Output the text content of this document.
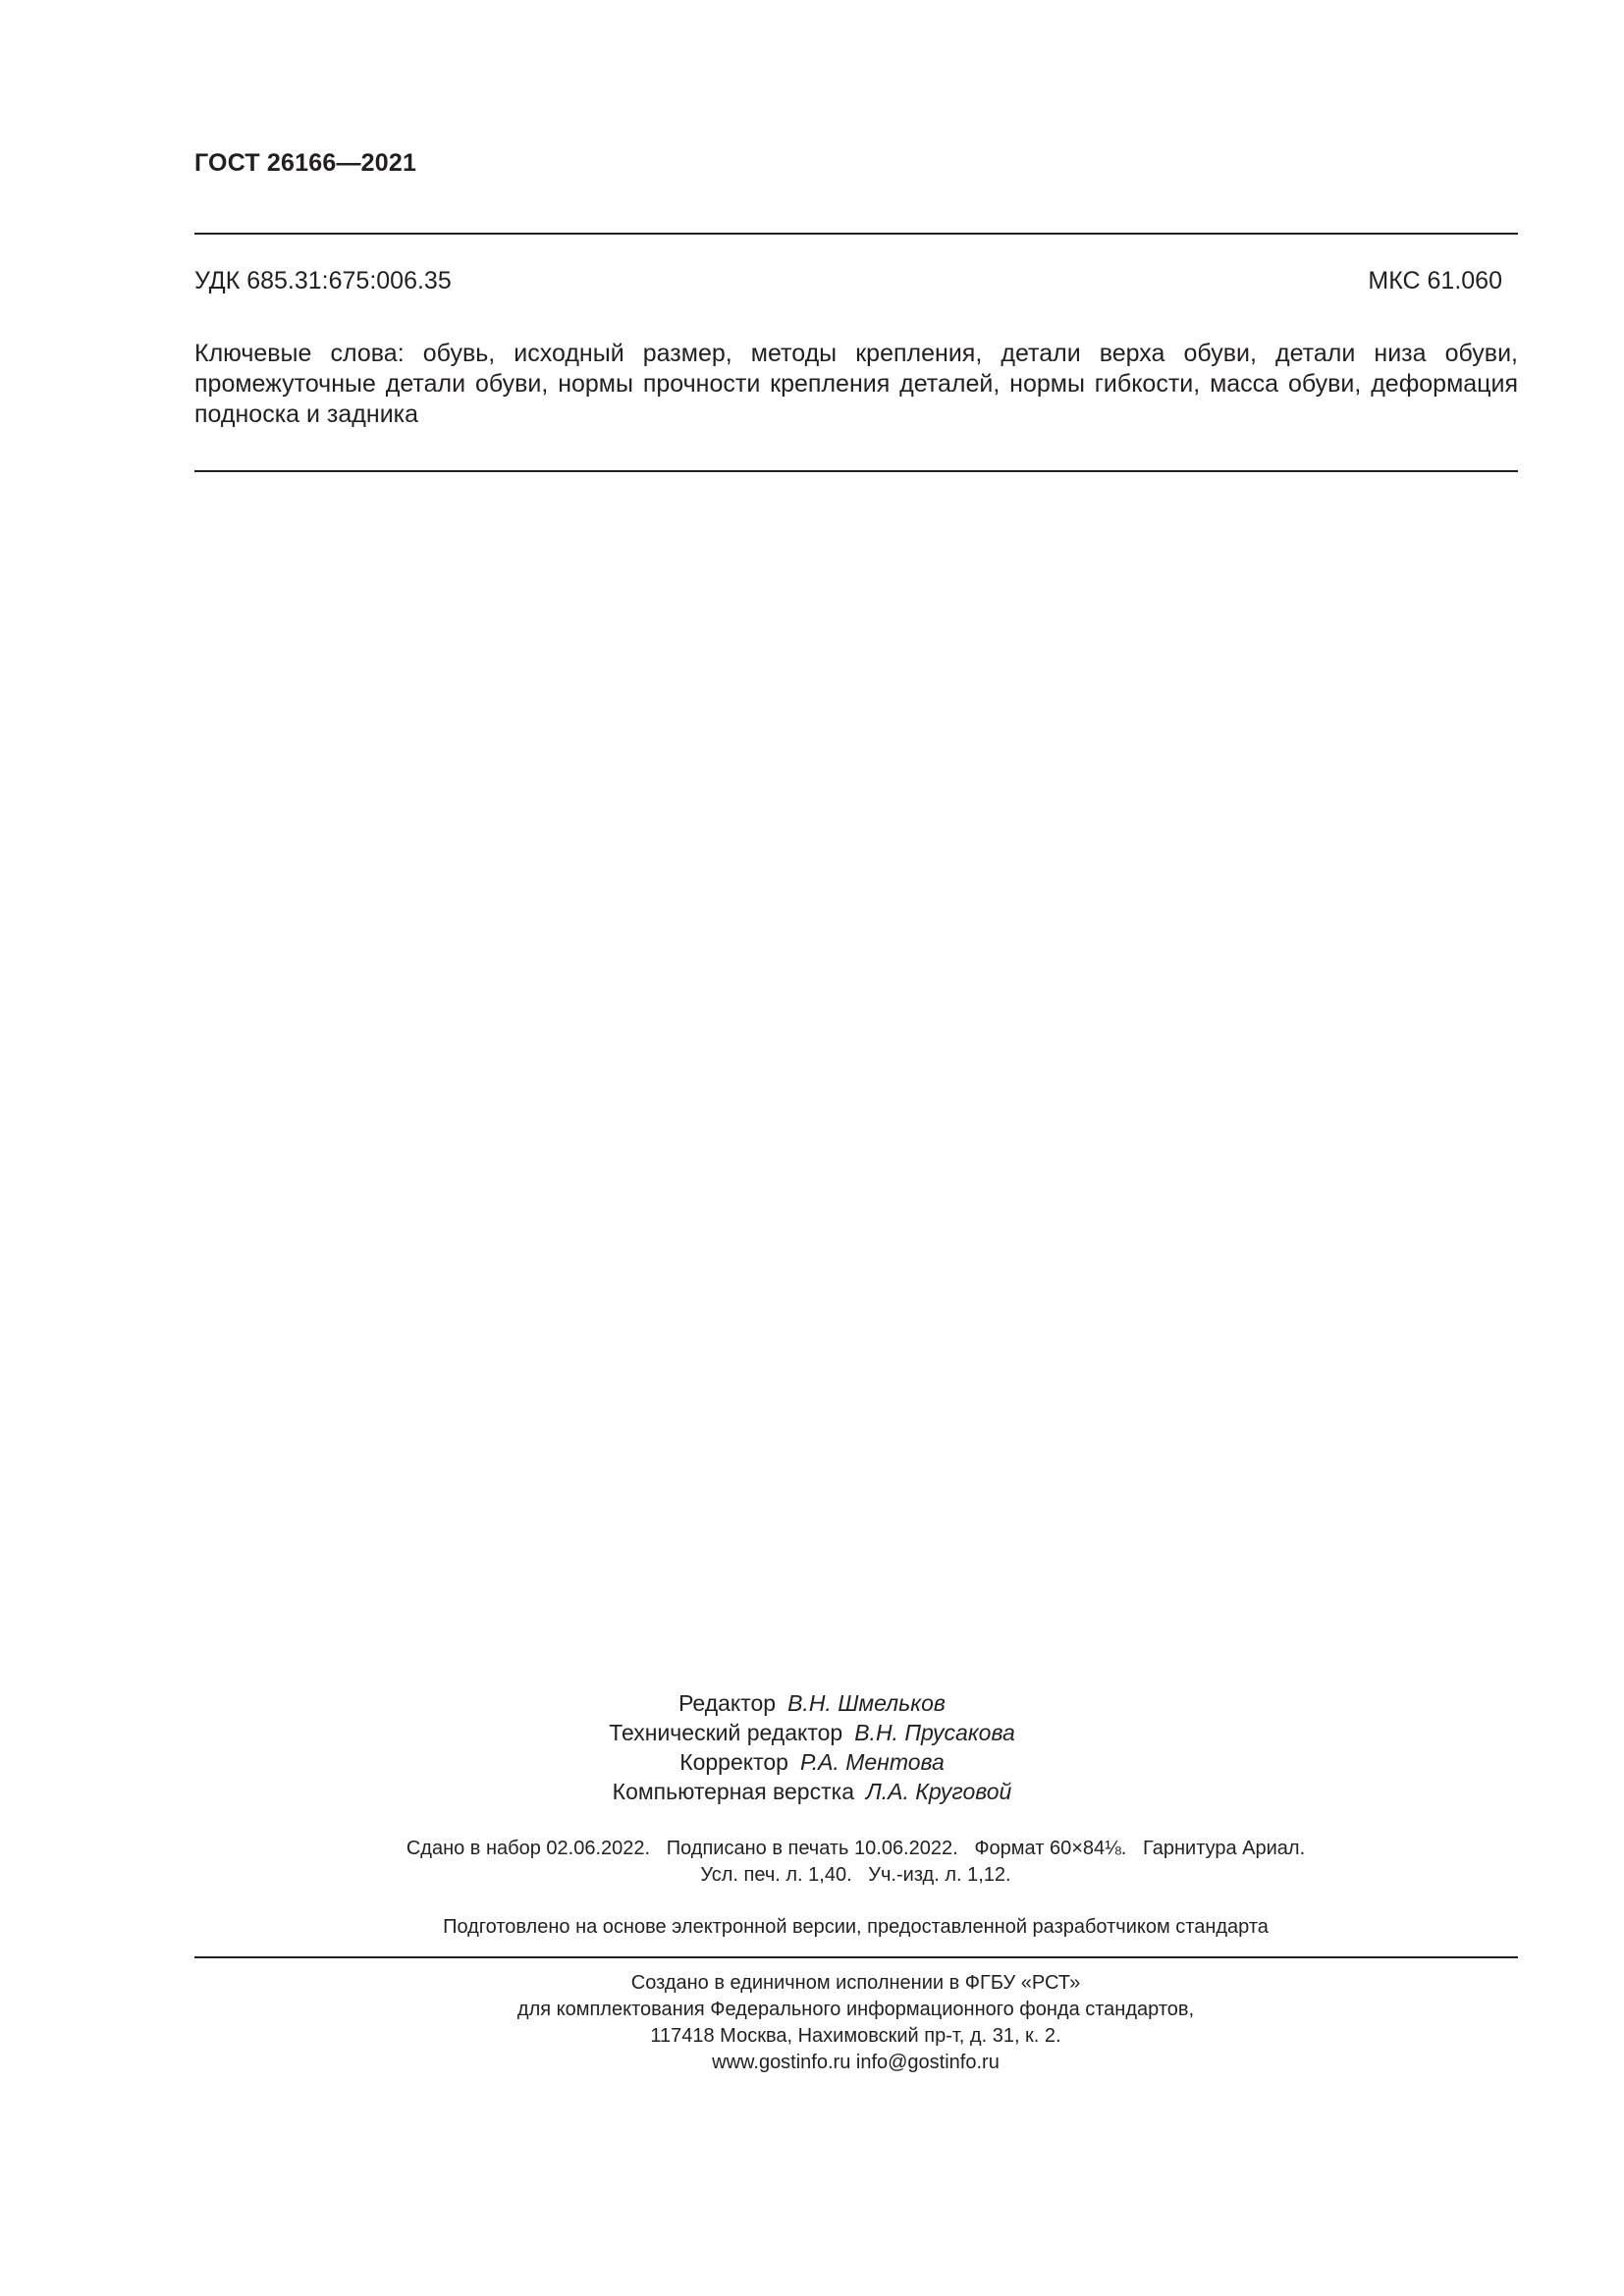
ГОСТ 26166—2021
УДК 685.31:675:006.35	МКС 61.060
Ключевые слова: обувь, исходный размер, методы крепления, детали верха обуви, детали низа обуви, промежуточные детали обуви, нормы прочности крепления деталей, нормы гибкости, масса обуви, деформация подноска и задника
Редактор В.Н. Шмельков
Технический редактор В.Н. Прусакова
Корректор Р.А. Ментова
Компьютерная верстка Л.А. Круговой
Сдано в набор 02.06.2022.   Подписано в печать 10.06.2022.   Формат 60×84⅛.   Гарнитура Ариал.
Усл. печ. л. 1,40.   Уч.-изд. л. 1,12.
Подготовлено на основе электронной версии, предоставленной разработчиком стандарта
Создано в единичном исполнении в ФГБУ «РСТ»
для комплектования Федерального информационного фонда стандартов,
117418 Москва, Нахимовский пр-т, д. 31, к. 2.
www.gostinfo.ru info@gostinfo.ru
